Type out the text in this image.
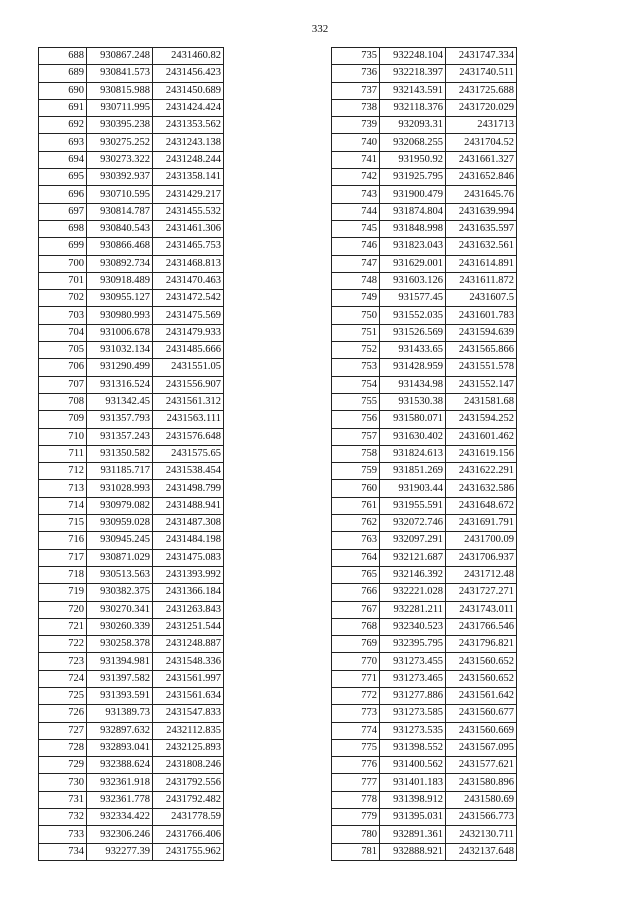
332
688	930867.248	2431460.82
689	930841.573	2431456.423
690	930815.988	2431450.689
691	930711.995	2431424.424
692	930395.238	2431353.562
693	930275.252	2431243.138
694	930273.322	2431248.244
695	930392.937	2431358.141
696	930710.595	2431429.217
697	930814.787	2431455.532
698	930840.543	2431461.306
699	930866.468	2431465.753
700	930892.734	2431468.813
701	930918.489	2431470.463
702	930955.127	2431472.542
703	930980.993	2431475.569
704	931006.678	2431479.933
705	931032.134	2431485.666
706	931290.499	2431551.05
707	931316.524	2431556.907
708	931342.45	2431561.312
709	931357.793	2431563.111
710	931357.243	2431576.648
711	931350.582	2431575.65
712	931185.717	2431538.454
713	931028.993	2431498.799
714	930979.082	2431488.941
715	930959.028	2431487.308
716	930945.245	2431484.198
717	930871.029	2431475.083
718	930513.563	2431393.992
719	930382.375	2431366.184
720	930270.341	2431263.843
721	930260.339	2431251.544
722	930258.378	2431248.887
723	931394.981	2431548.336
724	931397.582	2431561.997
725	931393.591	2431561.634
726	931389.73	2431547.833
727	932897.632	2432112.835
728	932893.041	2432125.893
729	932388.624	2431808.246
730	932361.918	2431792.556
731	932361.778	2431792.482
732	932334.422	2431778.59
733	932306.246	2431766.406
734	932277.39	2431755.962
735	932248.104	2431747.334
736	932218.397	2431740.511
737	932143.591	2431725.688
738	932118.376	2431720.029
739	932093.31	2431713
740	932068.255	2431704.52
741	931950.92	2431661.327
742	931925.795	2431652.846
743	931900.479	2431645.76
744	931874.804	2431639.994
745	931848.998	2431635.597
746	931823.043	2431632.561
747	931629.001	2431614.891
748	931603.126	2431611.872
749	931577.45	2431607.5
750	931552.035	2431601.783
751	931526.569	2431594.639
752	931433.65	2431565.866
753	931428.959	2431551.578
754	931434.98	2431552.147
755	931530.38	2431581.68
756	931580.071	2431594.252
757	931630.402	2431601.462
758	931824.613	2431619.156
759	931851.269	2431622.291
760	931903.44	2431632.586
761	931955.591	2431648.672
762	932072.746	2431691.791
763	932097.291	2431700.09
764	932121.687	2431706.937
765	932146.392	2431712.48
766	932221.028	2431727.271
767	932281.211	2431743.011
768	932340.523	2431766.546
769	932395.795	2431796.821
770	931273.455	2431560.652
771	931273.465	2431560.652
772	931277.886	2431561.642
773	931273.585	2431560.677
774	931273.535	2431560.669
775	931398.552	2431567.095
776	931400.562	2431577.621
777	931401.183	2431580.896
778	931398.912	2431580.69
779	931395.031	2431566.773
780	932891.361	2432130.711
781	932888.921	2432137.648
